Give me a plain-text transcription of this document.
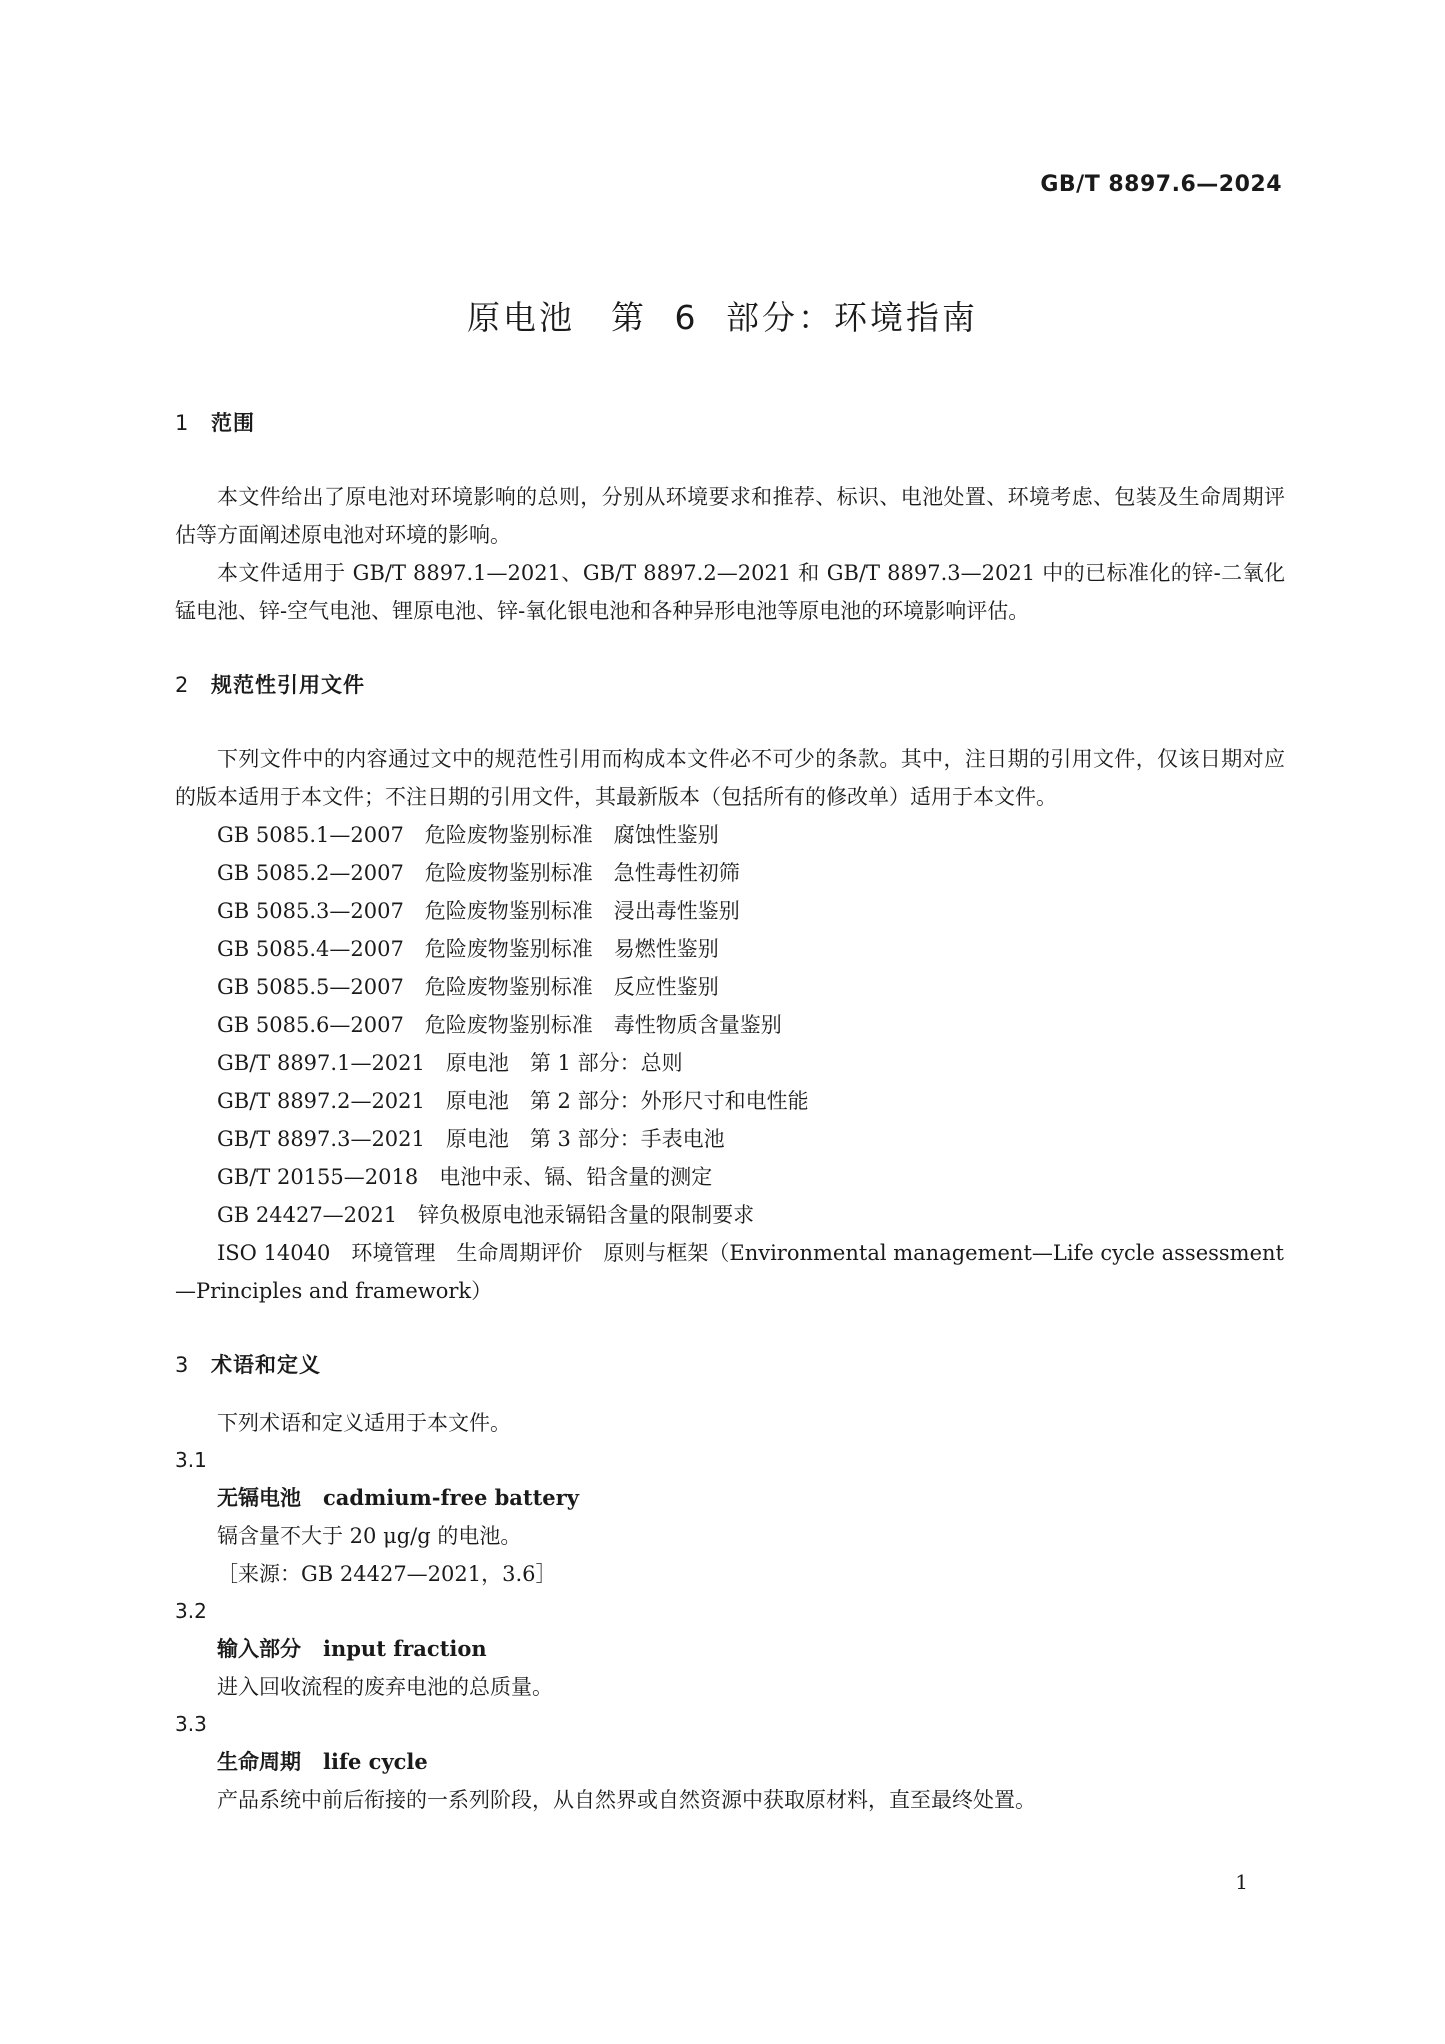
GB/T 8897.6—2024
原电池　第 6 部分：环境指南
1 范围

本文件给出了原电池对环境影响的总则，分别从环境要求和推荐、标识、电池处置、环境考虑、包装及生命周期评估等方面阐述原电池对环境的影响。

本文件适用于 GB/T 8897.1—2021、GB/T 8897.2—2021 和 GB/T 8897.3—2021 中的已标准化的锌-二氧化锰电池、锌-空气电池、锂原电池、锌-氧化银电池和各种异形电池等原电池的环境影响评估。

2 规范性引用文件

下列文件中的内容通过文中的规范性引用而构成本文件必不可少的条款。其中，注日期的引用文件，仅该日期对应的版本适用于本文件；不注日期的引用文件，其最新版本（包括所有的修改单）适用于本文件。

GB 5085.1—2007　危险废物鉴别标准　腐蚀性鉴别
GB 5085.2—2007　危险废物鉴别标准　急性毒性初筛
GB 5085.3—2007　危险废物鉴别标准　浸出毒性鉴别
GB 5085.4—2007　危险废物鉴别标准　易燃性鉴别
GB 5085.5—2007　危险废物鉴别标准　反应性鉴别
GB 5085.6—2007　危险废物鉴别标准　毒性物质含量鉴别
GB/T 8897.1—2021　原电池　第 1 部分：总则
GB/T 8897.2—2021　原电池　第 2 部分：外形尺寸和电性能
GB/T 8897.3—2021　原电池　第 3 部分：手表电池
GB/T 20155—2018　电池中汞、镉、铅含量的测定
GB 24427—2021　锌负极原电池汞镉铅含量的限制要求
ISO 14040　环境管理　生命周期评价　原则与框架（Environmental management—Life cycle assessment—Principles and framework）
3 术语和定义

下列术语和定义适用于本文件。

3.1

无镉电池 cadmium-free battery

镉含量不大于 20 μg/g 的电池。

［来源：GB 24427—2021，3.6］

3.2

输入部分 input fraction

进入回收流程的废弃电池的总质量。

3.3

生命周期 life cycle

产品系统中前后衔接的一系列阶段，从自然界或自然资源中获取原材料，直至最终处置。

1
